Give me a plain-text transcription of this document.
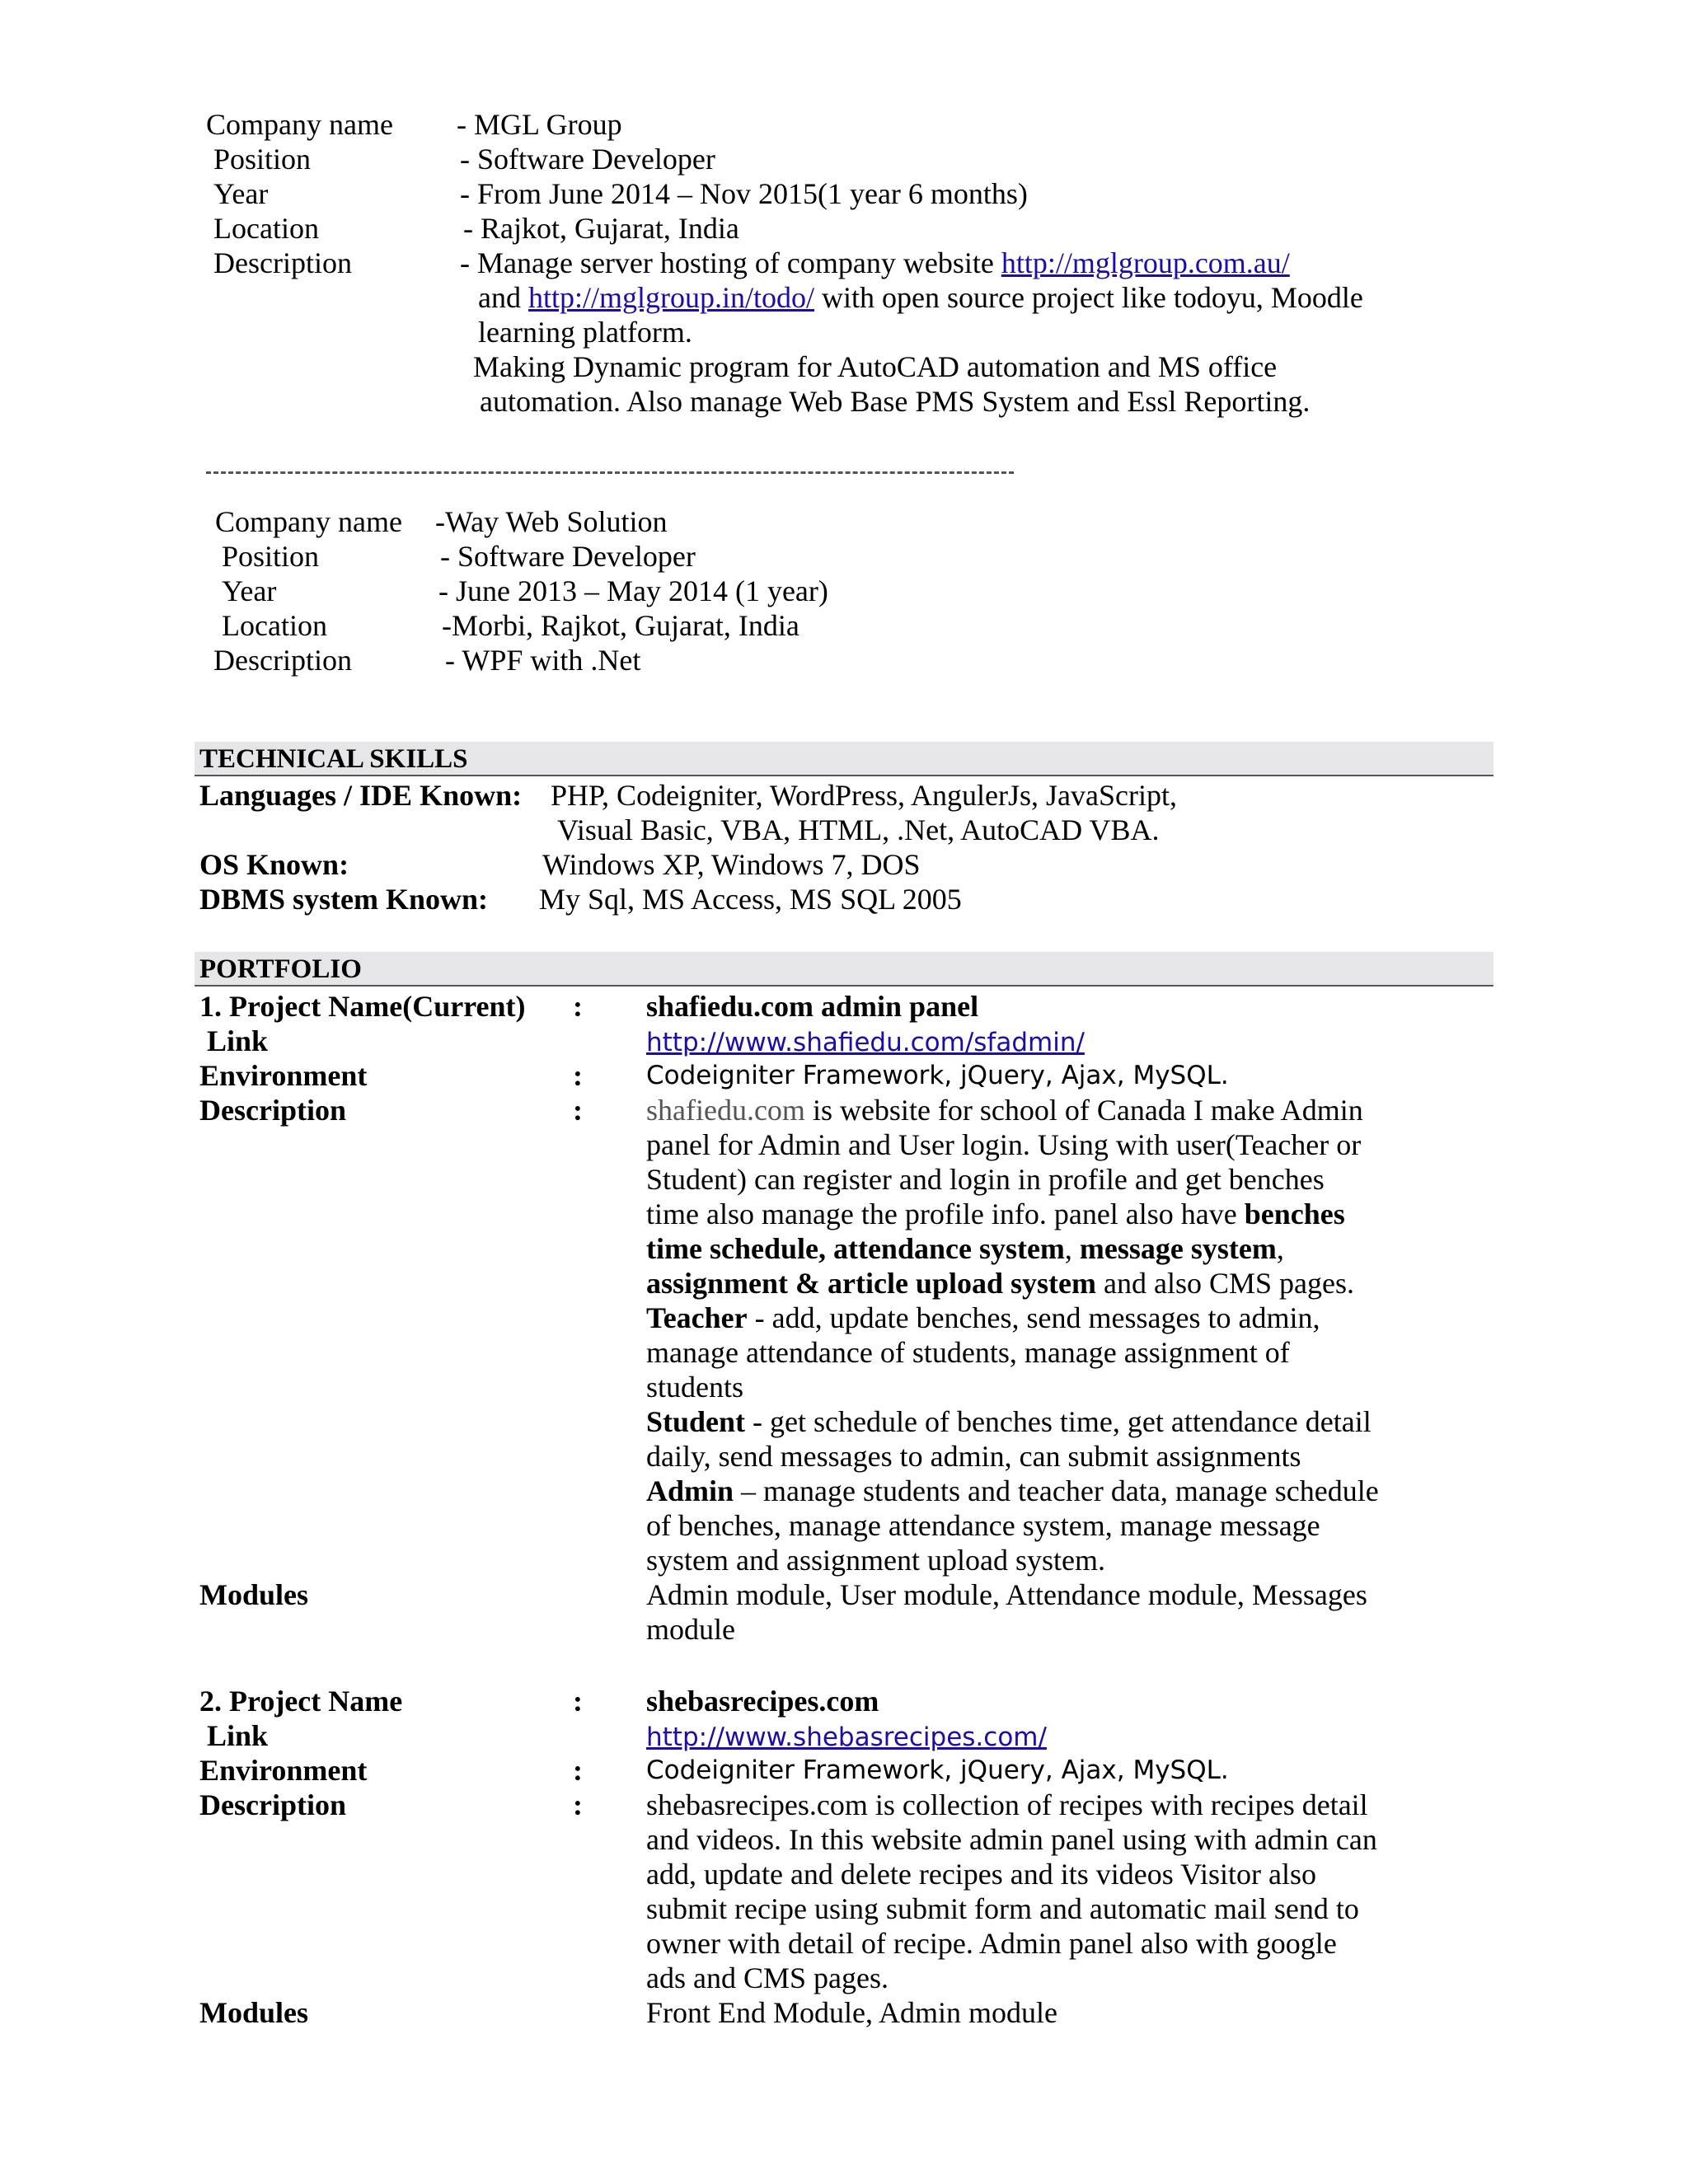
Company name - MGL Group
Position	- Software Developer
Year	- From June 2014 – Nov 2015(1 year 6 months)
Location	- Rajkot, Gujarat, India
Description	- Manage server hosting of company website http://mglgroup.com.au/
and http://mglgroup.in/todo/ with open source project like todoyu, Moodle
learning platform.
Making Dynamic program for AutoCAD automation and MS office
automation. Also manage Web Base PMS System and Essl Reporting.
Company name -Way Web Solution
Position	- Software Developer
Year	- June 2013 – May 2014 (1 year)
Location	-Morbi, Rajkot, Gujarat, India
Description	- WPF with .Net
TECHNICAL SKILLS
Languages / IDE Known: PHP, Codeigniter, WordPress, AngulerJs, JavaScript,
Visual Basic, VBA, HTML, .Net, AutoCAD VBA.
OS Known:	Windows XP, Windows 7, DOS
DBMS system Known: My Sql, MS Access, MS SQL 2005
PORTFOLIO
1. Project Name(Current) : shafiedu.com admin panel
Link	http://www.shafiedu.com/sfadmin/
Environment	: Codeigniter Framework, jQuery, Ajax, MySQL.
Description	: shafiedu.com is website for school of Canada I make Admin
panel for Admin and User login. Using with user(Teacher or
Student) can register and login in profile and get benches
time also manage the profile info. panel also have benches
time schedule, attendance system, message system,
assignment & article upload system and also CMS pages.
Teacher - add, update benches, send messages to admin,
manage attendance of students, manage assignment of
students
Student - get schedule of benches time, get attendance detail
daily, send messages to admin, can submit assignments
Admin – manage students and teacher data, manage schedule
of benches, manage attendance system, manage message
system and assignment upload system.
Modules	Admin module, User module, Attendance module, Messages
module
2. Project Name	: shebasrecipes.com
Link	http://www.shebasrecipes.com/
Environment	: Codeigniter Framework, jQuery, Ajax, MySQL.
Description	: shebasrecipes.com is collection of recipes with recipes detail
and videos. In this website admin panel using with admin can
add, update and delete recipes and its videos Visitor also
submit recipe using submit form and automatic mail send to
owner with detail of recipe. Admin panel also with google
ads and CMS pages.
Modules	Front End Module, Admin module
